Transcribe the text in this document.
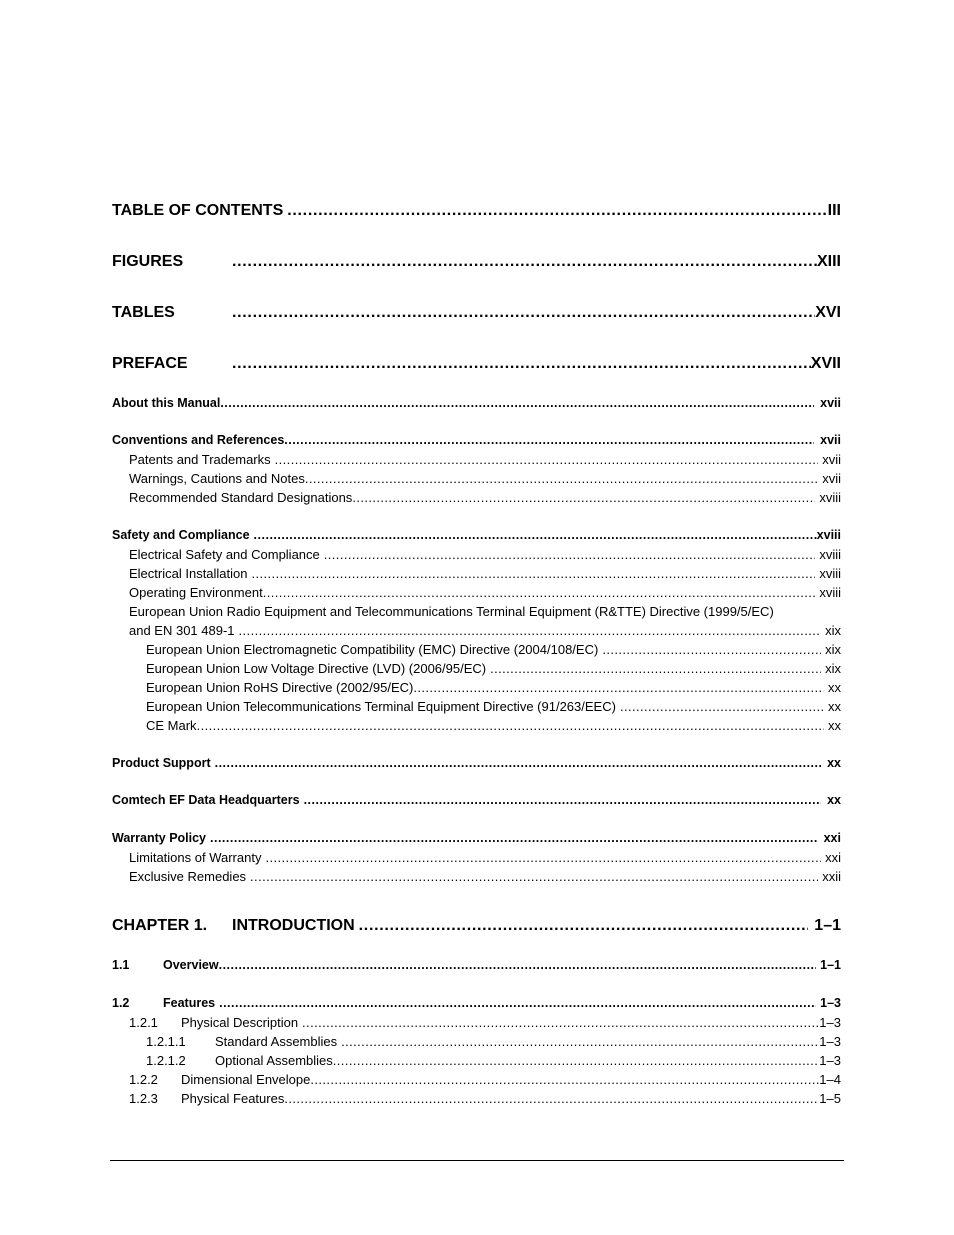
TABLE OF CONTENTS .....	III
FIGURES .....	XIII
TABLES .....	XVI
PREFACE .....	XVII
About this Manual .....	xvii
Conventions and References .....	xvii
Patents and Trademarks .....	xvii
Warnings, Cautions and Notes .....	xvii
Recommended Standard Designations .....	xviii
Safety and Compliance .....	xviii
Electrical Safety and Compliance .....	xviii
Electrical Installation .....	xviii
Operating Environment .....	xviii
European Union Radio Equipment and Telecommunications Terminal Equipment (R&TTE) Directive (1999/5/EC)
and EN 301 489-1 .....	xix
European Union Electromagnetic Compatibility (EMC) Directive (2004/108/EC) .....	xix
European Union Low Voltage Directive (LVD) (2006/95/EC) .....	xix
European Union RoHS Directive (2002/95/EC) .....	xx
European Union Telecommunications Terminal Equipment Directive (91/263/EEC) .....	xx
CE Mark .....	xx
Product Support .....	xx
Comtech EF Data Headquarters .....	xx
Warranty Policy .....	xxi
Limitations of Warranty .....	xxi
Exclusive Remedies .....	xxii
CHAPTER 1.	INTRODUCTION .....	1–1
1.1	Overview .....	1–1
1.2	Features .....	1–3
1.2.1	Physical Description .....	1–3
1.2.1.1	Standard Assemblies .....	1–3
1.2.1.2	Optional Assemblies .....	1–3
1.2.2	Dimensional Envelope .....	1–4
1.2.3	Physical Features .....	1–5
